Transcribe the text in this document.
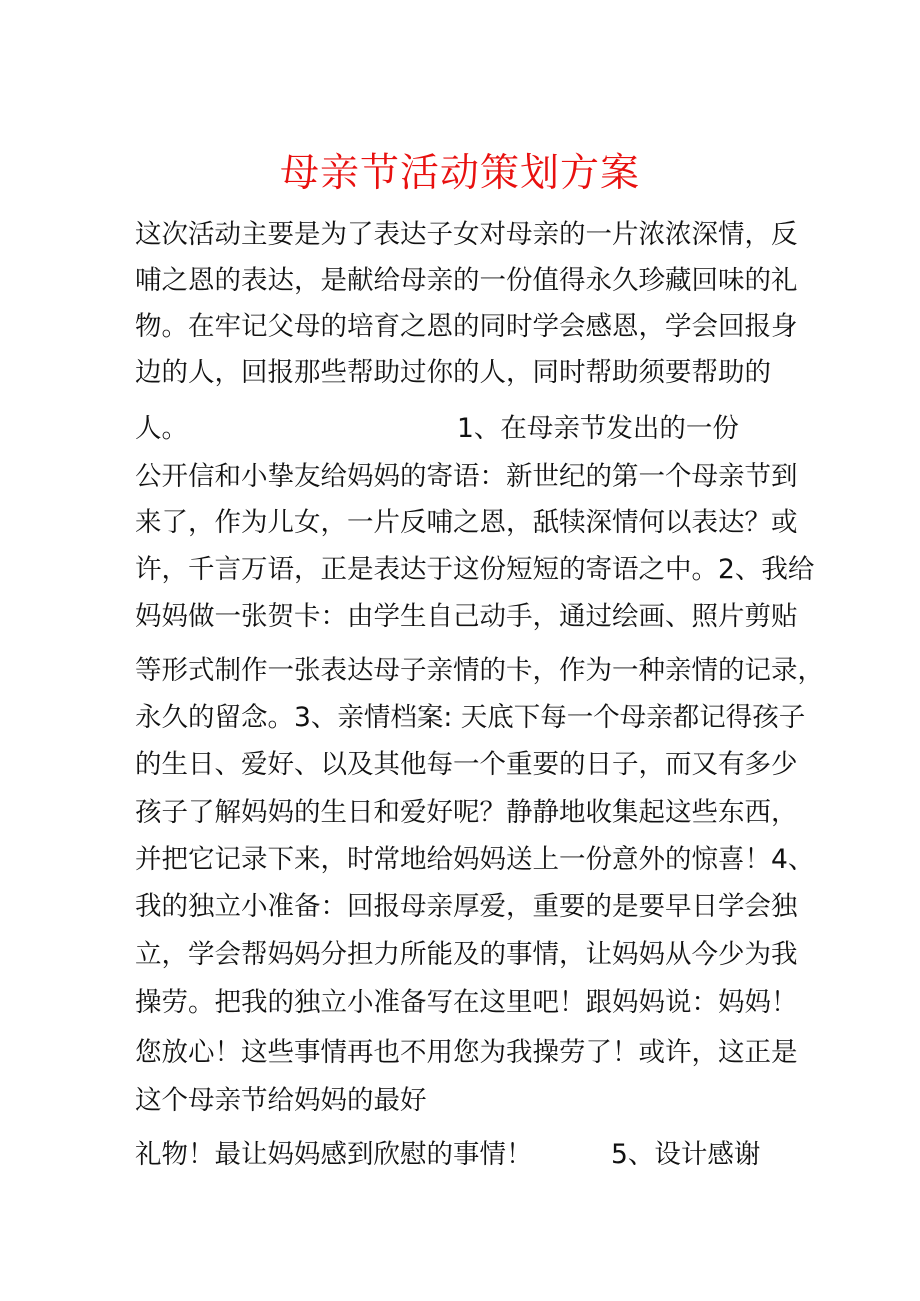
母亲节活动策划方案
这次活动主要是为了表达子女对母亲的一片浓浓深情，反
哺之恩的表达，是献给母亲的一份值得永久珍藏回味的礼
物。在牢记父母的培育之恩的同时学会感恩，学会回报身
边的人，回报那些帮助过你的人，同时帮助须要帮助的
人。	1、在母亲节发出的一份
公开信和小挚友给妈妈的寄语：新世纪的第一个母亲节到
来了，作为儿女，一片反哺之恩，舐犊深情何以表达？或
许，千言万语，正是表达于这份短短的寄语之中。2、我给
妈妈做一张贺卡：由学生自己动手，通过绘画、照片剪贴
等形式制作一张表达母子亲情的卡，作为一种亲情的记录，
永久的留念。3、亲情档案: 天底下每一个母亲都记得孩子
的生日、爱好、以及其他每一个重要的日子，而又有多少
孩子了解妈妈的生日和爱好呢？静静地收集起这些东西，
并把它记录下来，时常地给妈妈送上一份意外的惊喜！4、
我的独立小准备：回报母亲厚爱，重要的是要早日学会独
立，学会帮妈妈分担力所能及的事情，让妈妈从今少为我
操劳。把我的独立小准备写在这里吧！跟妈妈说：妈妈！
您放心！这些事情再也不用您为我操劳了！或许，这正是
这个母亲节给妈妈的最好
礼物！最让妈妈感到欣慰的事情！	5、设计感谢
